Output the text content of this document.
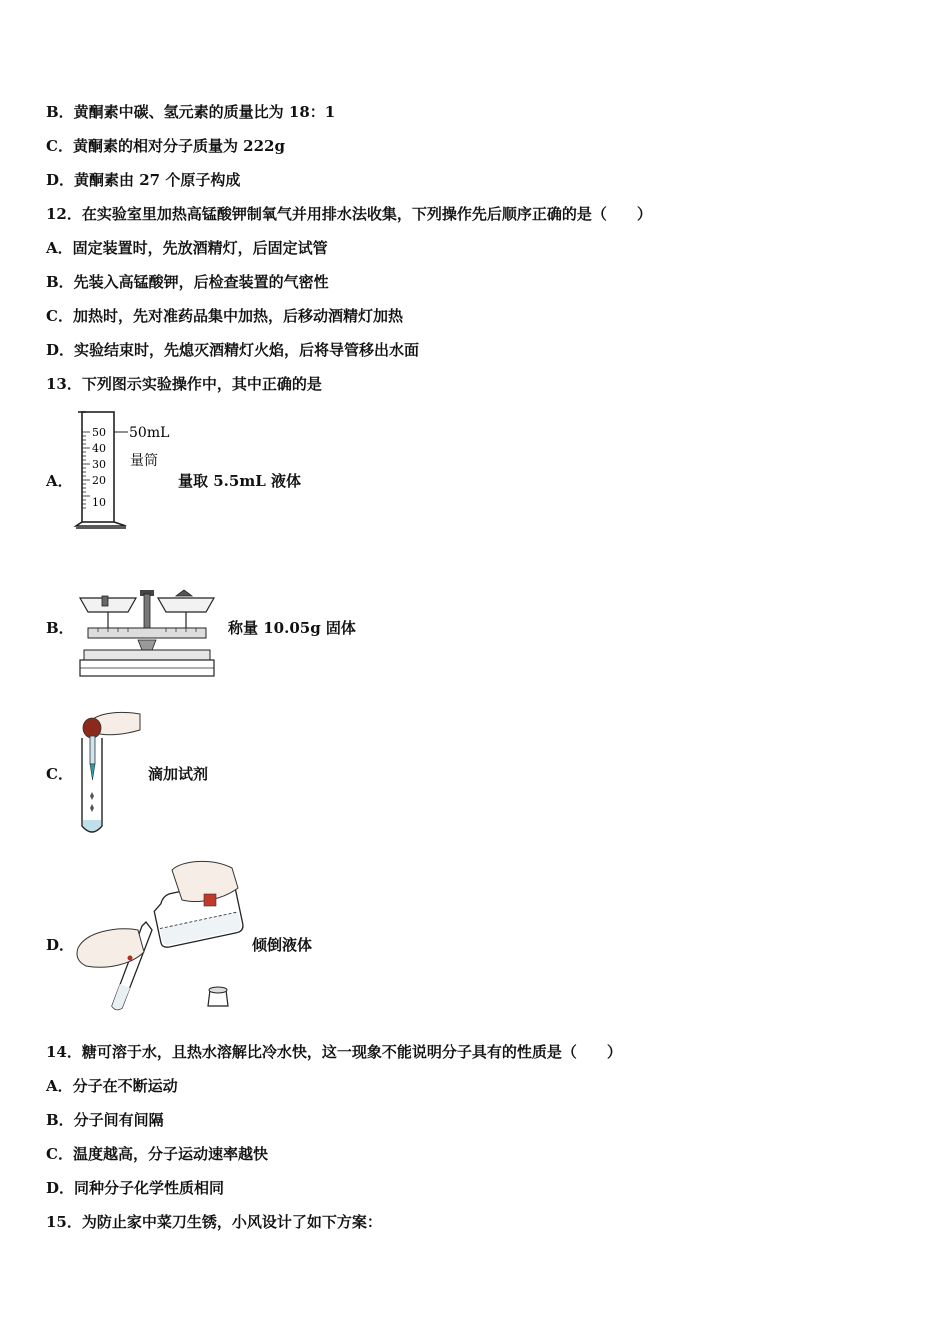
B．黄酮素中碳、氢元素的质量比为 18：1
C．黄酮素的相对分子质量为 222g
D．黄酮素由 27 个原子构成
12．在实验室里加热高锰酸钾制氧气并用排水法收集，下列操作先后顺序正确的是（　　）
A．固定装置时，先放酒精灯，后固定试管
B．先装入高锰酸钾，后检查装置的气密性
C．加热时，先对准药品集中加热，后移动酒精灯加热
D．实验结束时，先熄灭酒精灯火焰，后将导管移出水面
13．下列图示实验操作中，其中正确的是
A．
50
40
30
20
10
50mL
量筒
量取 5.5mL 液体
B．	称量 10.05g 固体
C．	滴加试剂
D．	倾倒液体
14．糖可溶于水，且热水溶解比冷水快，这一现象不能说明分子具有的性质是（　　）
A．分子在不断运动
B．分子间有间隔
C．温度越高，分子运动速率越快
D．同种分子化学性质相同
15．为防止家中菜刀生锈，小风设计了如下方案：
